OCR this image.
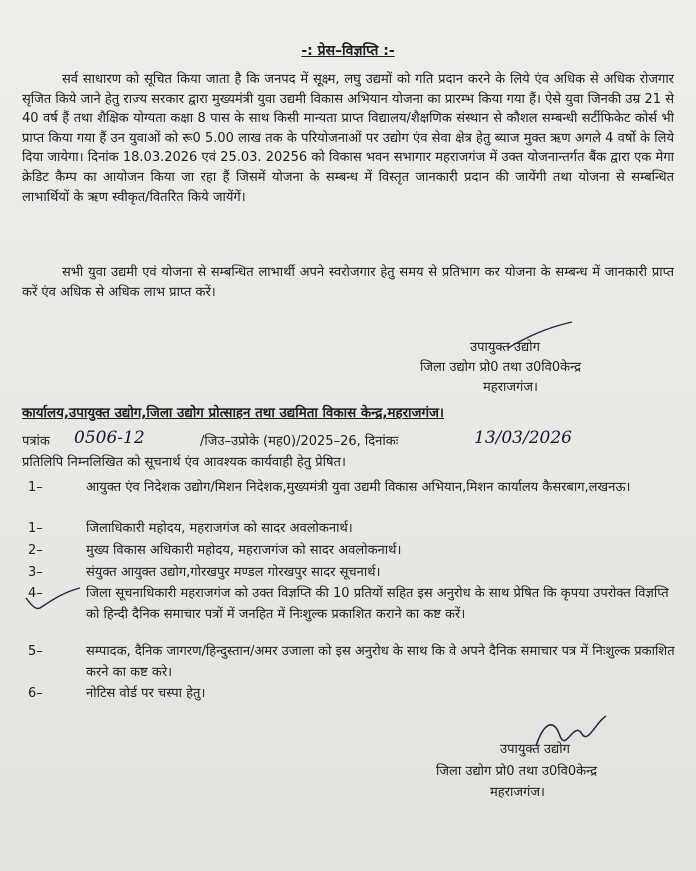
-: प्रेस–विज्ञप्ति :-
सर्व साधारण को सूचित किया जाता है कि जनपद में सूक्ष्म, लघु उद्यमों को गति प्रदान करने के लिये एंव अधिक से अधिक रोजगार सृजित किये जाने हेतु राज्य सरकार द्वारा मुख्यमंत्री युवा उद्यमी विकास अभियान योजना का प्रारम्भ किया गया हैं। ऐसे युवा जिनकी उम्र 21 से 40 वर्ष हैं तथा शैक्षिक योग्यता कक्षा 8 पास के साथ किसी मान्यता प्राप्त विद्यालय/शैक्षणिक संस्थान से कौशल सम्बन्धी सर्टीफिकेट कोर्स भी प्राप्त किया गया हैं उन युवाओं को रू0 5.00 लाख तक के परियोजनाओं पर उद्योग एंव सेवा क्षेत्र हेतु ब्याज मुक्त ऋण अगले 4 वर्षो के लिये दिया जायेगा। दिनांक 18.03.2026 एवं 25.03. 20256 को विकास भवन सभागार महराजगंज में उक्त योजनान्तर्गत बैंक द्वारा एक मेगा क्रेडिट कैम्प का आयोजन किया जा रहा हैं जिसमें योजना के सम्बन्ध में विस्तृत जानकारी प्रदान की जायेंगी तथा योजना से सम्बन्धित लाभार्थियों के ऋण स्वीकृत/वितरित किये जायेंगें।
सभी युवा उद्यमी एवं योजना से सम्बन्धित लाभार्थी अपने स्वरोजगार हेतु समय से प्रतिभाग कर योजना के सम्बन्ध में जानकारी प्राप्त करें एंव अधिक से अधिक लाभ प्राप्त करें।
उपायुक्त उद्योग
जिला उद्योग प्रो0 तथा उ0वि0केन्द्र
महराजगंज।
कार्यालय,उपायुक्त उद्योग,जिला उद्योग प्रोत्साहन तथा उद्यमिता विकास केन्द्र,महराजगंज।
पत्रांक 0506-12	/जिउ–उप्रोके (मह0)/2025–26, दिनांकः	13/03/2026
प्रतिलिपि निम्नलिखित को सूचनार्थ एंव आवश्यक कार्यवाही हेतु प्रेषित।
1–	आयुक्त एंव निदेशक उद्योग/मिशन निदेशक,मुख्यमंत्री युवा उद्यमी विकास अभियान,मिशन कार्यालय कैसरबाग,लखनऊ।
1–	जिलाधिकारी महोदय, महराजगंज को सादर अवलोकनार्थ।
2–	मुख्य विकास अधिकारी महोदय, महराजगंज को सादर अवलोकनार्थ।
3–	संयुक्त आयुक्त उद्योग,गोरखपुर मण्डल गोरखपुर सादर सूचनार्थ।
4–	जिला सूचनाधिकारी महराजगंज को उक्त विज्ञप्ति की 10 प्रतियों सहित इस अनुरोध के साथ प्रेषित कि कृपया उपरोक्त विज्ञप्ति को हिन्दी दैनिक समाचार पत्रों में जनहित में निःशुल्क प्रकाशित कराने का कष्ट करें।
5–	सम्पादक, दैनिक जागरण/हिन्दुस्तान/अमर उजाला को इस अनुरोध के साथ कि वे अपने दैनिक समाचार पत्र में निःशुल्क प्रकाशित करने का कष्ट करे।
6–	नोटिस वोर्ड पर चस्पा हेतु।
उपायुक्त उद्योग
जिला उद्योग प्रो0 तथा उ0वि0केन्द्र
महराजगंज।
